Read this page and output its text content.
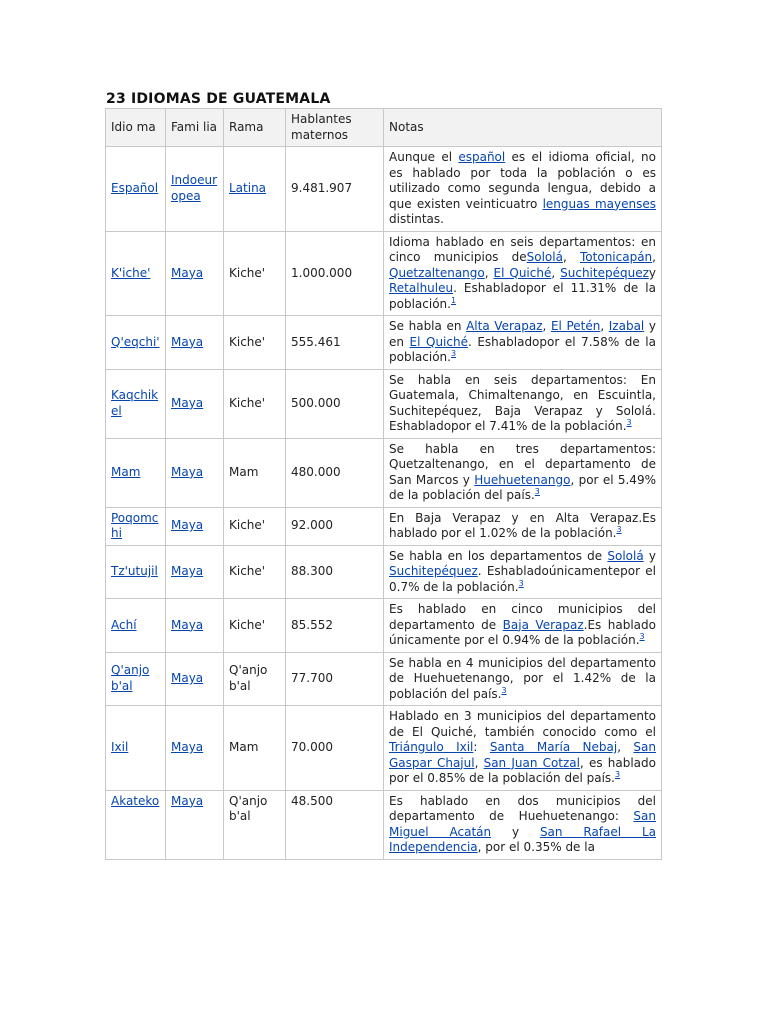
23 IDIOMAS DE GUATEMALA
Idio ma	Fami lia	Rama	Hablantes maternos	Notas
Español	Indoeuropea	Latina	9.481.907	Aunque el español es el idioma oficial, no es hablado por toda la población o es utilizado como segunda lengua, debido a que existen veinticuatro lenguas mayenses distintas.
K'iche'	Maya	Kiche'	1.000.000	Idioma hablado en seis departamentos: en cinco municipios deSololá, Totonicapán, Quetzaltenango, El Quiché, Suchitepéquezy Retalhuleu. Eshabladopor el 11.31% de la población.$^1$
Q'eqchi'	Maya	Kiche'	555.461	Se habla en Alta Verapaz, El Petén, Izabal y en El Quiché. Eshabladopor el 7.58% de la población.$^3$
Kaqchikel	Maya	Kiche'	500.000	Se habla en seis departamentos: En Guatemala, Chimaltenango, en Escuintla, Suchitepéquez, Baja Verapaz y Sololá. Eshabladopor el 7.41% de la población.$^3$
Mam	Maya	Mam	480.000	Se habla en tres departamentos: Quetzaltenango, en el departamento de San Marcos y Huehuetenango, por el 5.49% de la población del país.$^3$
Poqomchi	Maya	Kiche'	92.000	En Baja Verapaz y en Alta Verapaz.Es hablado por el 1.02% de la población.$^3$
Tz'utujil	Maya	Kiche'	88.300	Se habla en los departamentos de Sololá y Suchitepéquez. Eshabladoúnicamentepor el 0.7% de la población.$^3$
Achí	Maya	Kiche'	85.552	Es hablado en cinco municipios del departamento de Baja Verapaz.Es hablado únicamente por el 0.94% de la población.$^3$
Q'anjob'al	Maya	Q'anjob'al	77.700	Se habla en 4 municipios del departamento de Huehuetenango, por el 1.42% de la población del país.$^3$
Ixil	Maya	Mam	70.000	Hablado en 3 municipios del departamento de El Quiché, también conocido como el Triángulo Ixil: Santa María Nebaj, San Gaspar Chajul, San Juan Cotzal, es hablado por el 0.85% de la población del país.$^3$
Akateko	Maya	Q'anjob'al	48.500	Es hablado en dos municipios del departamento de Huehuetenango: San Miguel Acatán y San Rafael La Independencia, por el 0.35% de la
